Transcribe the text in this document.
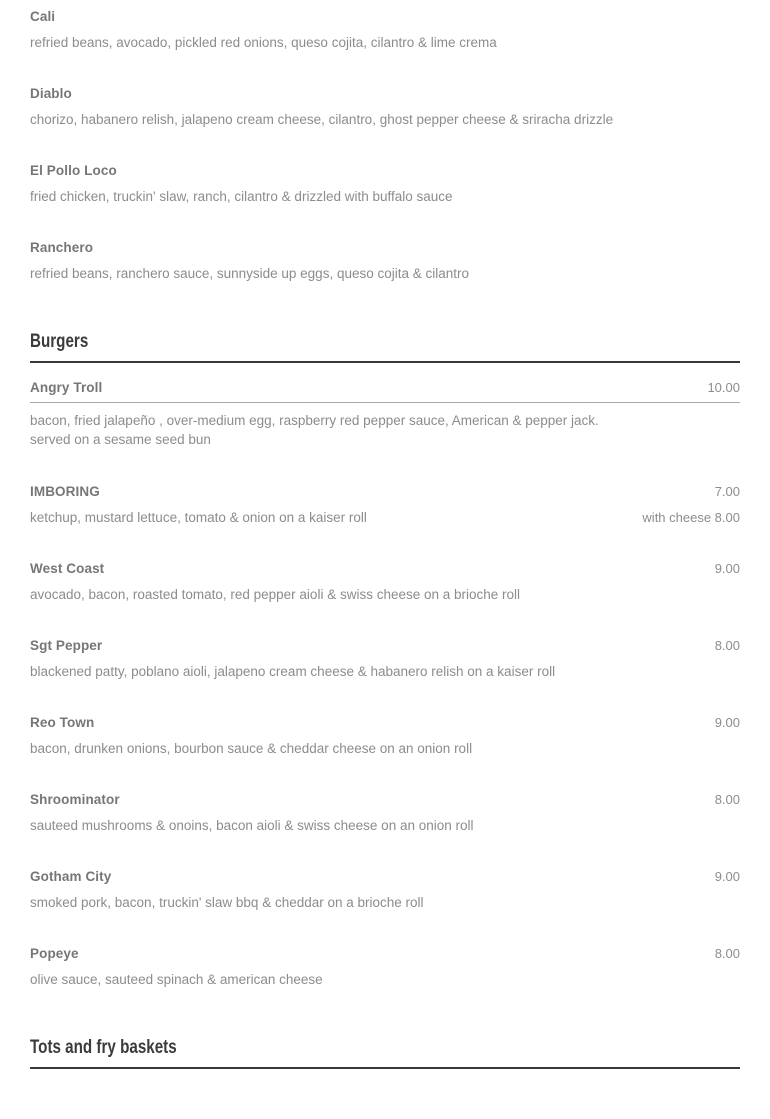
Cali
refried beans, avocado, pickled red onions, queso cojita, cilantro & lime crema
Diablo
chorizo, habanero relish, jalapeno cream cheese, cilantro, ghost pepper cheese & sriracha drizzle
El Pollo Loco
fried chicken, truckin' slaw, ranch, cilantro & drizzled with buffalo sauce
Ranchero
refried beans, ranchero sauce, sunnyside up eggs, queso cojita & cilantro
Burgers
Angry Troll	10.00
bacon, fried jalapeño , over-medium egg, raspberry red pepper sauce, American & pepper jack.
served on a sesame seed bun
IMBORING	7.00
ketchup, mustard lettuce, tomato & onion on a kaiser roll	with cheese 8.00
West Coast	9.00
avocado, bacon, roasted tomato, red pepper aioli & swiss cheese on a brioche roll
Sgt Pepper	8.00
blackened patty, poblano aioli, jalapeno cream cheese & habanero relish on a kaiser roll
Reo Town	9.00
bacon, drunken onions, bourbon sauce & cheddar cheese on an onion roll
Shroominator	8.00
sauteed mushrooms & onoins, bacon aioli & swiss cheese on an onion roll
Gotham City	9.00
smoked pork, bacon, truckin' slaw bbq & cheddar on a brioche roll
Popeye	8.00
olive sauce, sauteed spinach & american cheese
Tots and fry baskets
